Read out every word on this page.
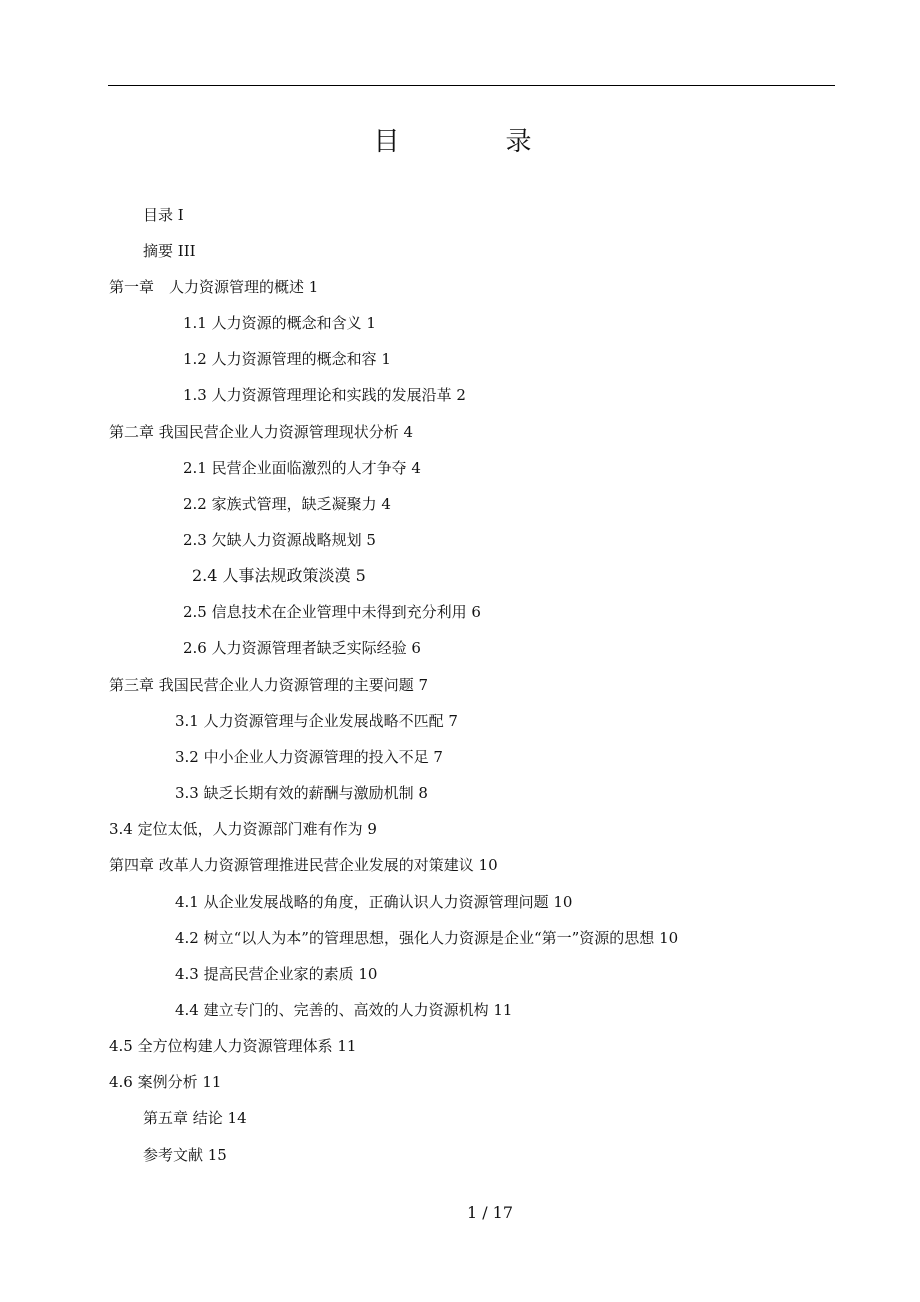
目　录
目录 I
摘要 III
第一章　人力资源管理的概述 1
1.1 人力资源的概念和含义 1
1.2 人力资源管理的概念和容 1
1.3 人力资源管理理论和实践的发展沿革 2
第二章 我国民营企业人力资源管理现状分析 4
2.1 民营企业面临激烈的人才争夺 4
2.2 家族式管理，缺乏凝聚力 4
2.3 欠缺人力资源战略规划 5
2.4 人事法规政策淡漠 5
2.5 信息技术在企业管理中未得到充分利用 6
2.6 人力资源管理者缺乏实际经验 6
第三章 我国民营企业人力资源管理的主要问题 7
3.1 人力资源管理与企业发展战略不匹配 7
3.2 中小企业人力资源管理的投入不足 7
3.3 缺乏长期有效的薪酬与激励机制 8
3.4 定位太低，人力资源部门难有作为 9
第四章 改革人力资源管理推进民营企业发展的对策建议 10
4.1 从企业发展战略的角度，正确认识人力资源管理问题 10
4.2 树立“以人为本”的管理思想，强化人力资源是企业“第一”资源的思想 10
4.3 提高民营企业家的素质 10
4.4 建立专门的、完善的、高效的人力资源机构 11
4.5 全方位构建人力资源管理体系 11
4.6 案例分析 11
第五章 结论 14
参考文献 15
1 / 17
